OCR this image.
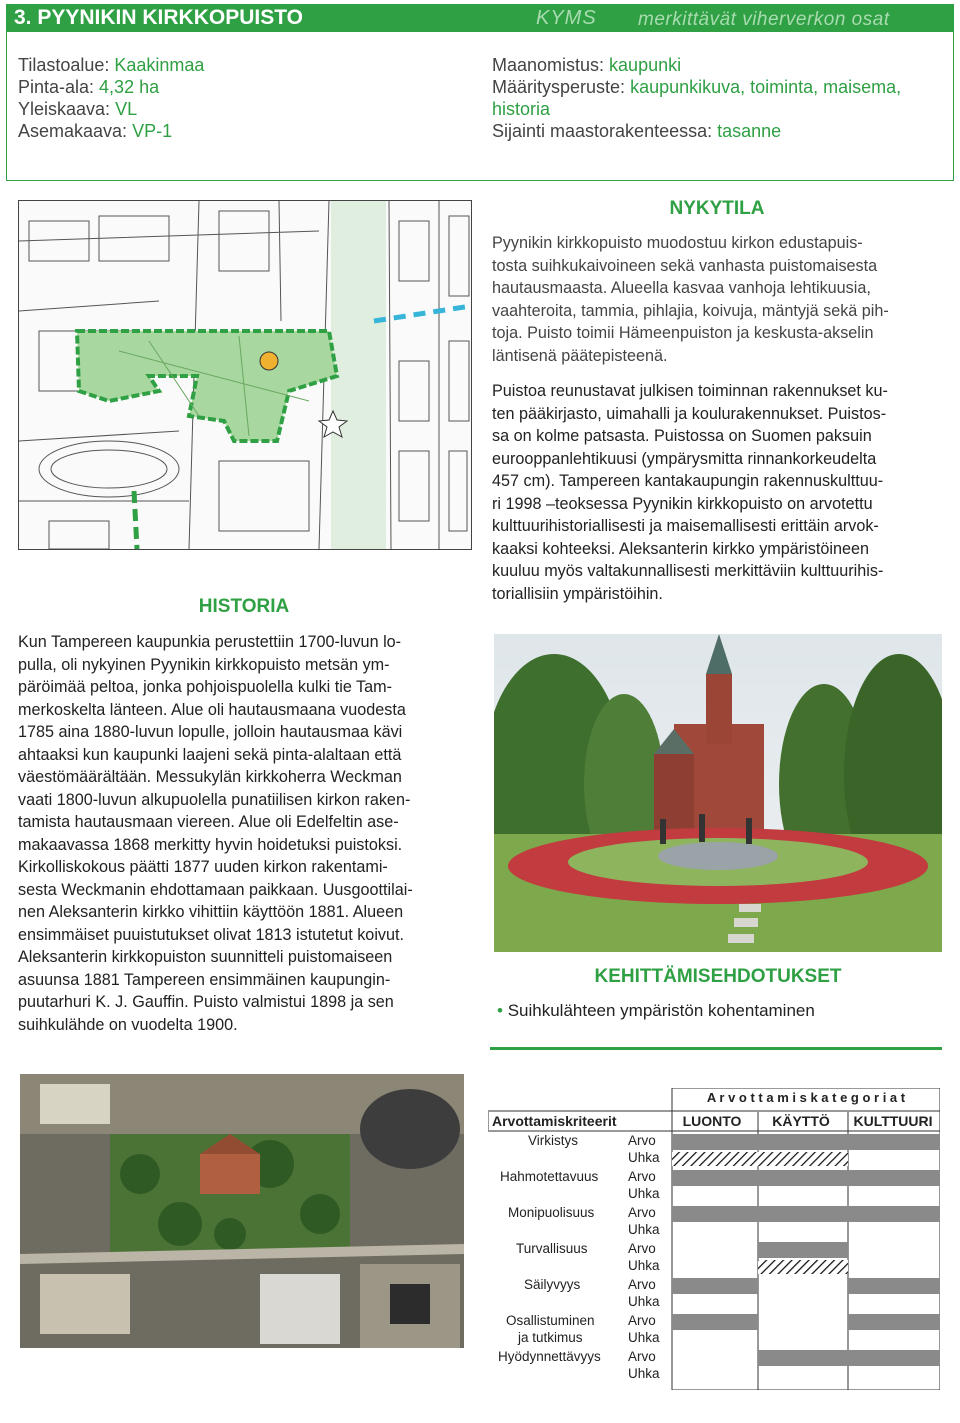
3. PYYNIKIN KIRKKOPUISTO	KYMS merkittävät viherverkon osat
Tilastoalue: Kaakinmaa
Pinta-ala: 4,32 ha
Yleiskaava: VL
Asemakaava: VP-1
Maanomistus: kaupunki
Määritysperuste: kaupunkikuva, toiminta, maisema,
historia
Sijainti maastorakenteessa: tasanne
NYKYTILA
Pyynikin kirkkopuisto muodostuu kirkon edustapuis-
tosta suihkukaivoineen sekä vanhasta puistomaisesta
hautausmaasta. Alueella kasvaa vanhoja lehtikuusia,
vaahteroita, tammia, pihlajia, koivuja, mäntyjä sekä pih-
toja. Puisto toimii Hämeenpuiston ja keskusta-akselin
läntisenä päätepisteenä.
Puistoa reunustavat julkisen toiminnan rakennukset ku-
ten pääkirjasto, uimahalli ja koulurakennukset. Puistos-
sa on kolme patsasta. Puistossa on Suomen paksuin
eurooppanlehtikuusi (ympärysmitta rinnankorkeudelta
457 cm). Tampereen kantakaupungin rakennuskulttuu-
ri 1998 –teoksessa Pyynikin kirkkopuisto on arvotettu
kulttuurihistoriallisesti ja maisemallisesti erittäin arvok-
kaaksi kohteeksi. Aleksanterin kirkko ympäristöineen
kuuluu myös valtakunnallisesti merkittäviin kulttuurihis-
toriallisiin ympäristöihin.
HISTORIA
Kun Tampereen kaupunkia perustettiin 1700-luvun lo-
pulla, oli nykyinen Pyynikin kirkkopuisto metsän ym-
päröimää peltoa, jonka pohjoispuolella kulki tie Tam-
merkoskelta länteen. Alue oli hautausmaana vuodesta
1785 aina 1880-luvun lopulle, jolloin hautausmaa kävi
ahtaaksi kun kaupunki laajeni sekä pinta-alaltaan että
väestömäärältään. Messukylän kirkkoherra Weckman
vaati 1800-luvun alkupuolella punatiilisen kirkon raken-
tamista hautausmaan viereen. Alue oli Edelfeltin ase-
makaavassa 1868 merkitty hyvin hoidetuksi puistoksi.
Kirkolliskokous päätti 1877 uuden kirkon rakentami-
sesta Weckmanin ehdottamaan paikkaan. Uusgoottilai-
nen Aleksanterin kirkko vihittiin käyttöön 1881. Alueen
ensimmäiset puuistutukset olivat 1813 istutetut koivut.
Aleksanterin kirkkopuiston suunnitteli puistomaiseen
asuunsa 1881 Tampereen ensimmäinen kaupungin-
puutarhuri K. J. Gauffin. Puisto valmistui 1898 ja sen
suihkulähde on vuodelta 1900.
KEHITTÄMISEHDOTUKSET
• Suihkulähteen ympäristön kohentaminen
A r v o t t a m i s k a t e g o r i a t
Arvottamiskriteerit	LUONTO KÄYTTÖ KULTTUURI
Virkistys	Arvo
Uhka
Hahmotettavuus Arvo
Uhka
Monipuolisuus Arvo
Uhka
Turvallisuus	Arvo
Uhka
Säilyvyys	Arvo
Uhka
Osallistuminen
ja tutkimus
Arvo
Uhka
Hyödynnettävyys Arvo
Uhka
